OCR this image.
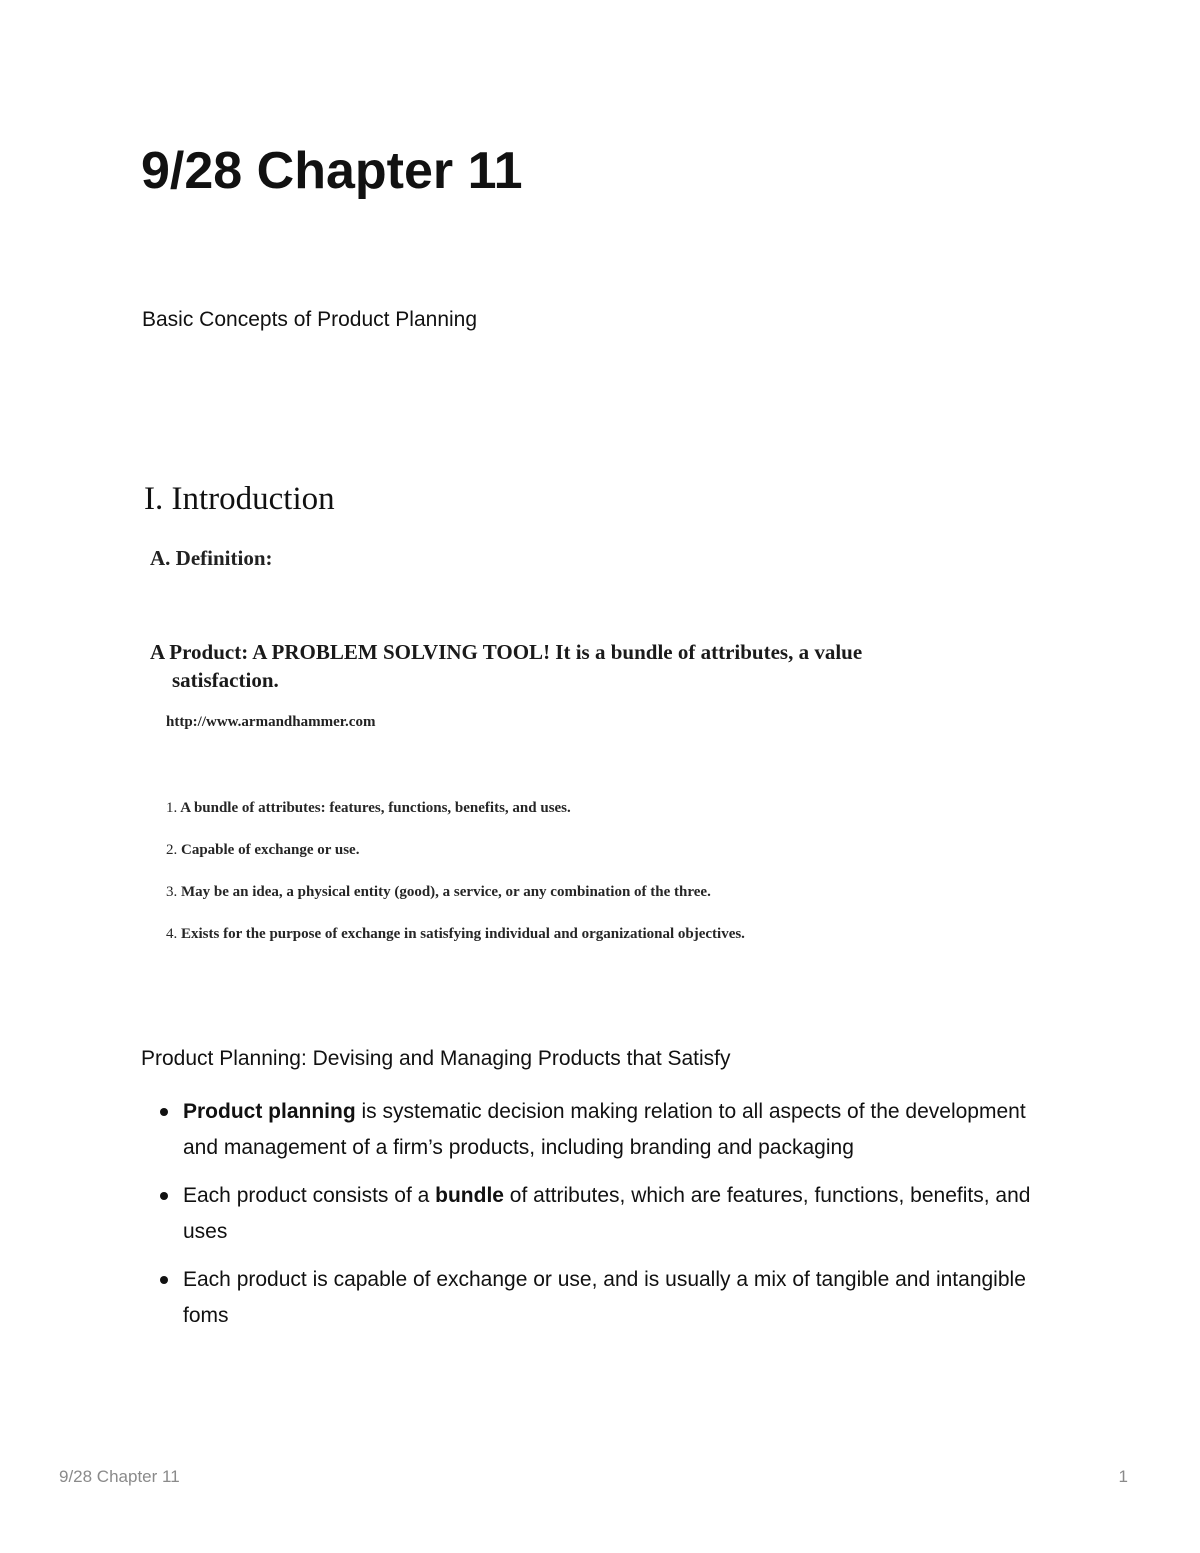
9/28 Chapter 11
Basic Concepts of Product Planning
I. Introduction
A. Definition:
A Product: A PROBLEM SOLVING TOOL! It is a bundle of attributes, a value
satisfaction.
http://www.armandhammer.com
1. A bundle of attributes: features, functions, benefits, and uses.
2. Capable of exchange or use.
3. May be an idea, a physical entity (good), a service, or any combination of the three.
4. Exists for the purpose of exchange in satisfying individual and organizational objectives.
Product Planning: Devising and Managing Products that Satisfy
Product planning is systematic decision making relation to all aspects of the development and management of a firm’s products, including branding and packaging
Each product consists of a bundle of attributes, which are features, functions, benefits, and uses
Each product is capable of exchange or use, and is usually a mix of tangible and intangible foms
9/28 Chapter 11	1
